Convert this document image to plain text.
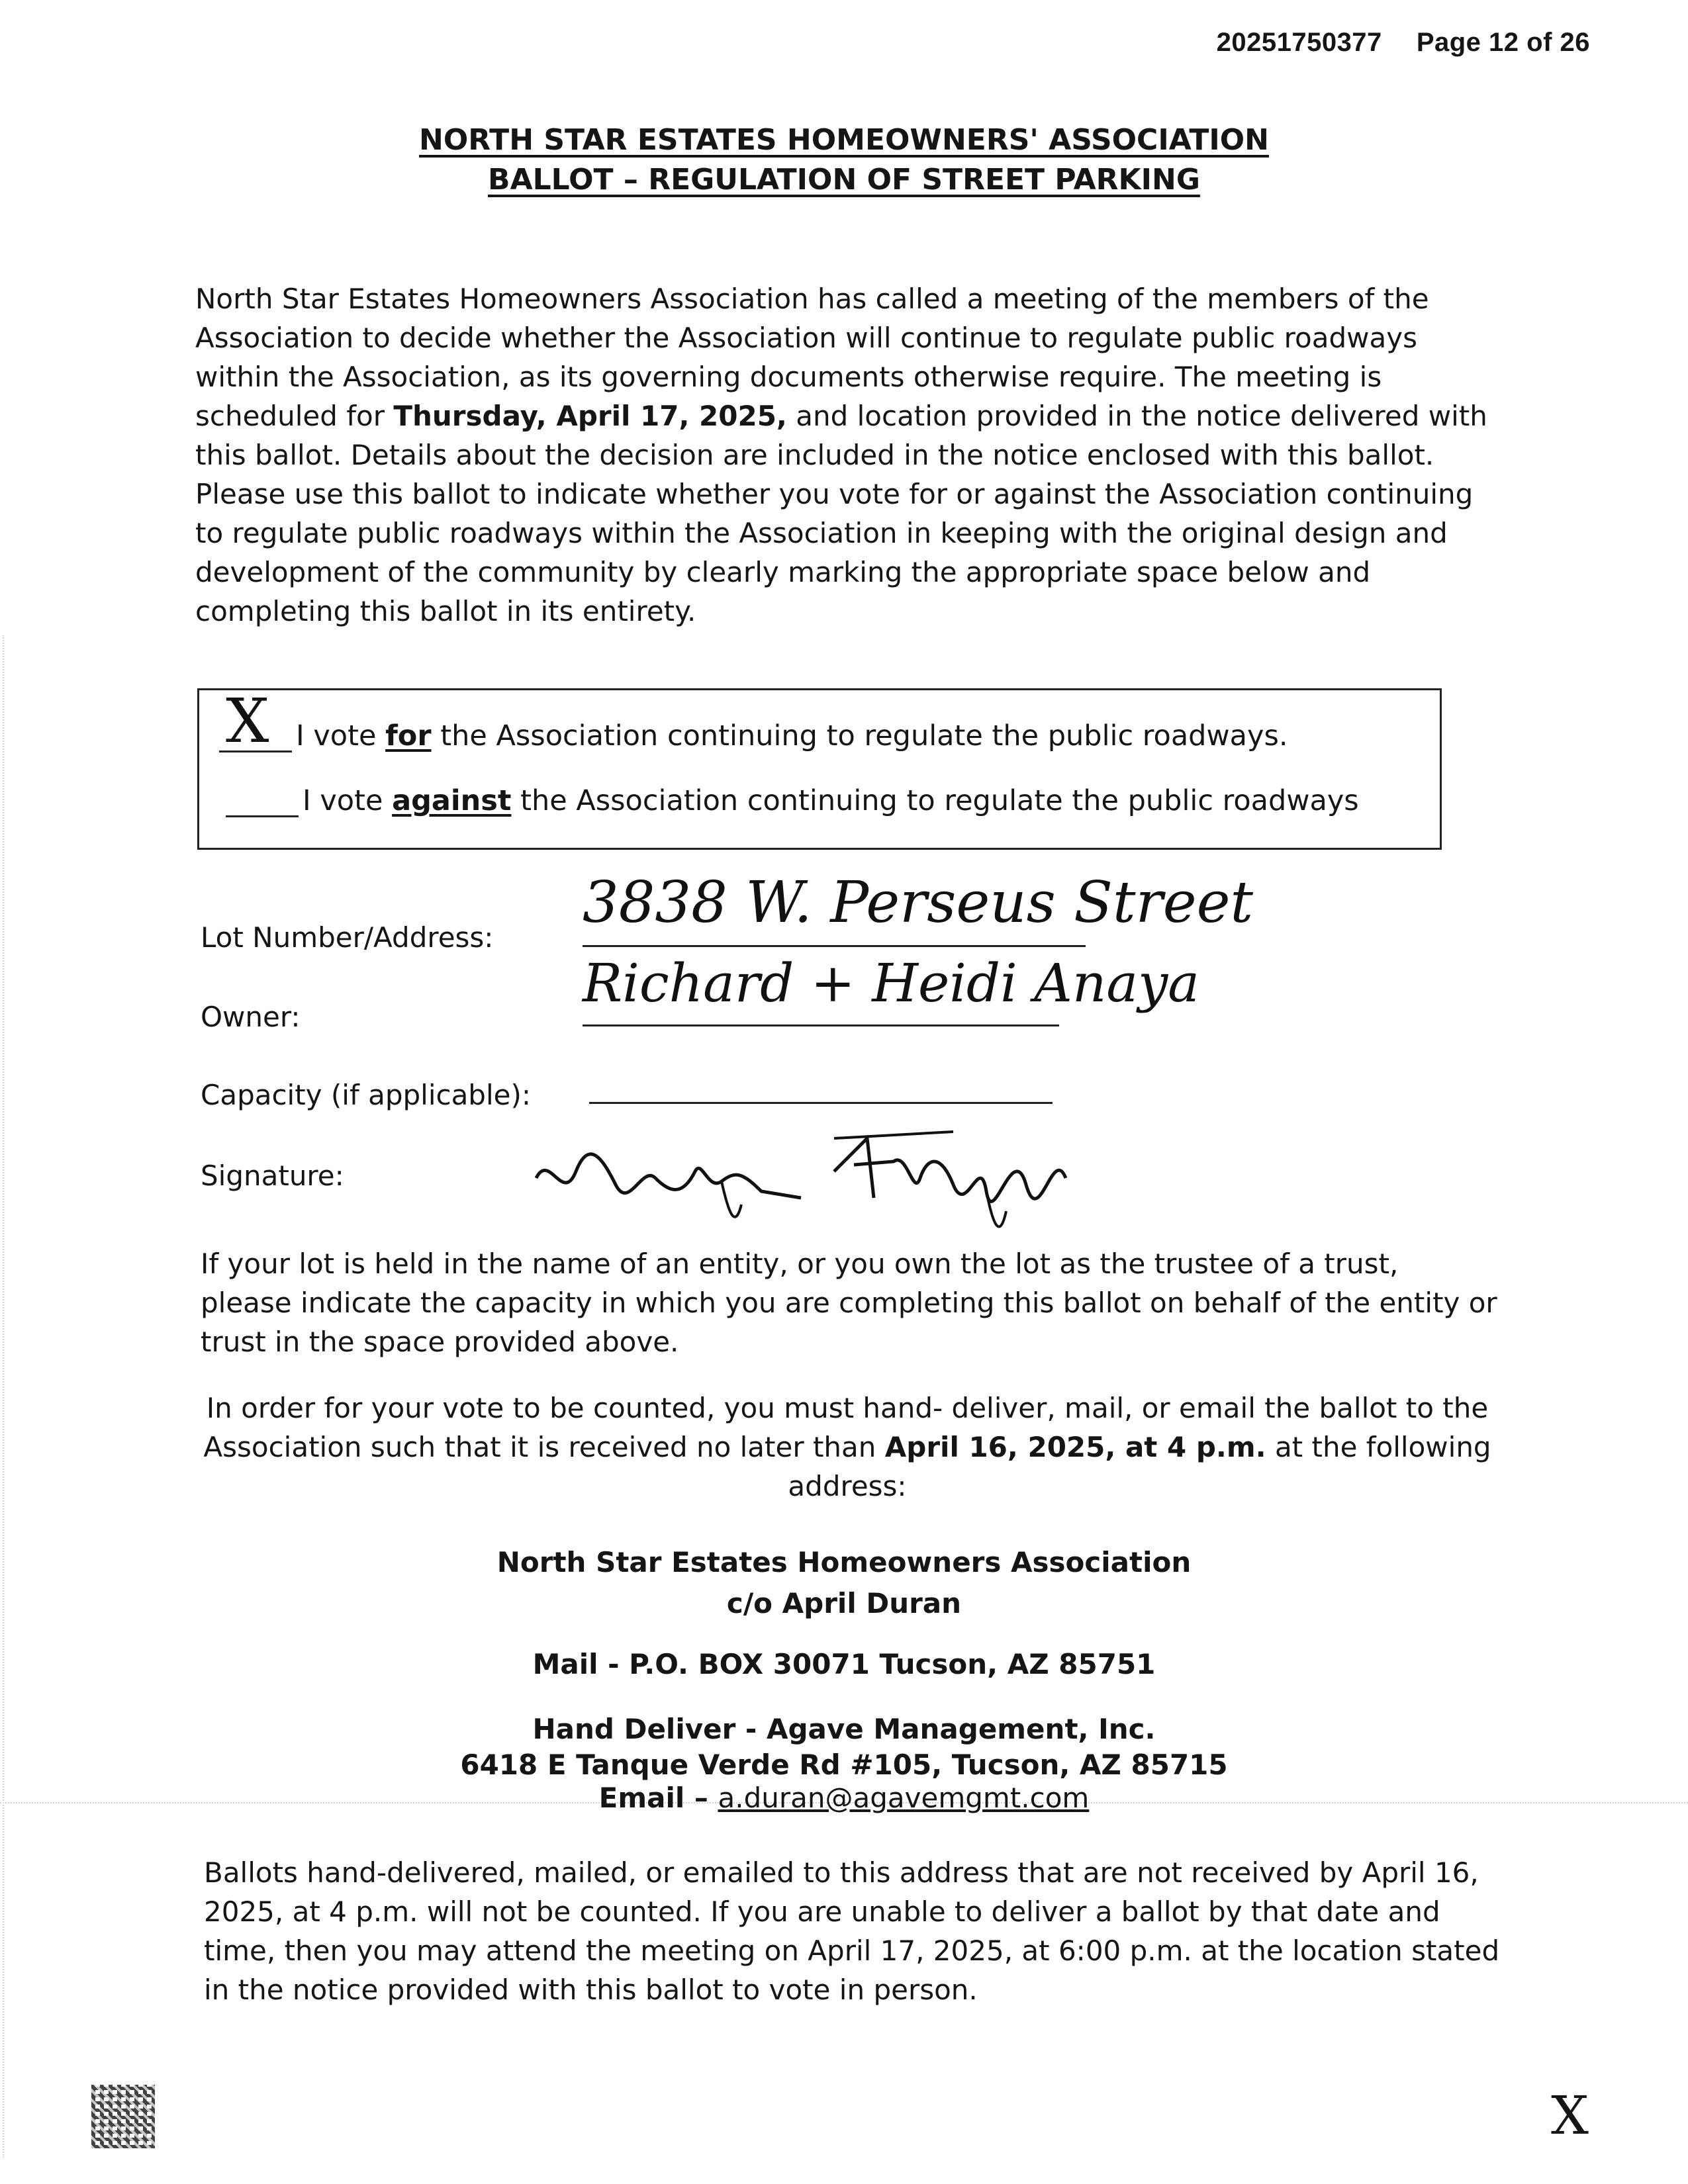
20251750377 Page 12 of 26
NORTH STAR ESTATES HOMEOWNERS' ASSOCIATION
BALLOT – REGULATION OF STREET PARKING

North Star Estates Homeowners Association has called a meeting of the members of the Association to decide whether the Association will continue to regulate public roadways within the Association, as its governing documents otherwise require. The meeting is scheduled for Thursday, April 17, 2025, and location provided in the notice delivered with this ballot. Details about the decision are included in the notice enclosed with this ballot. Please use this ballot to indicate whether you vote for or against the Association continuing to regulate public roadways within the Association in keeping with the original design and development of the community by clearly marking the appropriate space below and completing this ballot in its entirety.

X I vote for the Association continuing to regulate the public roadways.
I vote against the Association continuing to regulate the public roadways
Lot Number/Address:
3838 W. Perseus Street
Owner:
Richard + Heidi Anaya
Capacity (if applicable):
Signature:

If your lot is held in the name of an entity, or you own the lot as the trustee of a trust, please indicate the capacity in which you are completing this ballot on behalf of the entity or trust in the space provided above.

In order for your vote to be counted, you must hand- deliver, mail, or email the ballot to the Association such that it is received no later than April 16, 2025, at 4 p.m. at the following address:

North Star Estates Homeowners Association
c/o April Duran
Mail - P.O. BOX 30071 Tucson, AZ 85751
Hand Deliver - Agave Management, Inc.
6418 E Tanque Verde Rd #105, Tucson, AZ 85715
Email – a.duran@agavemgmt.com

Ballots hand-delivered, mailed, or emailed to this address that are not received by April 16, 2025, at 4 p.m. will not be counted. If you are unable to deliver a ballot by that date and time, then you may attend the meeting on April 17, 2025, at 6:00 p.m. at the location stated in the notice provided with this ballot to vote in person.

X
